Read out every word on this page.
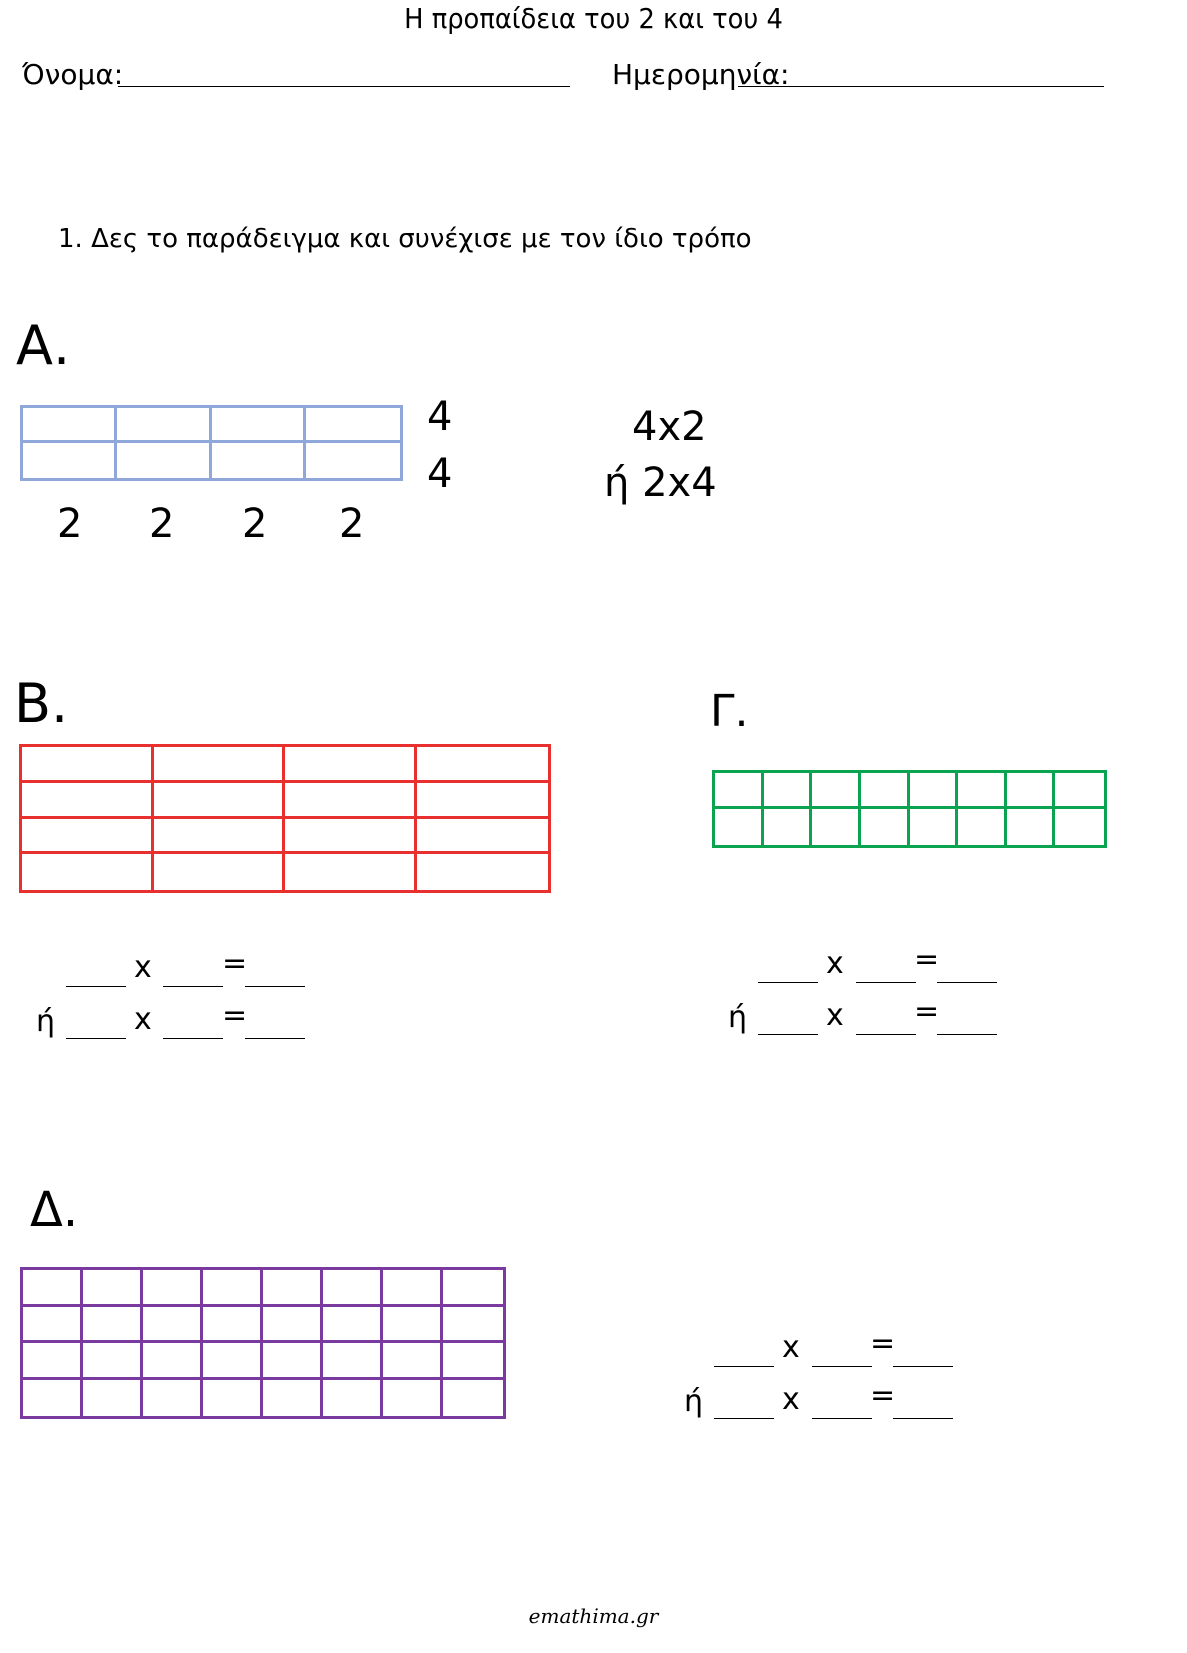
Η προπαίδεια του 2 και του 4
Όνομα:	Ημερομηνία:
1. Δες το παράδειγμα και συνέχισε με τον ίδιο τρόπο
Α.
4
4
2 2 2 2
4x2
ή 2x4
Β.
x =
ή	x =
Γ.
x =
ή	x =
Δ.
x =
ή	x =
emathima.gr
